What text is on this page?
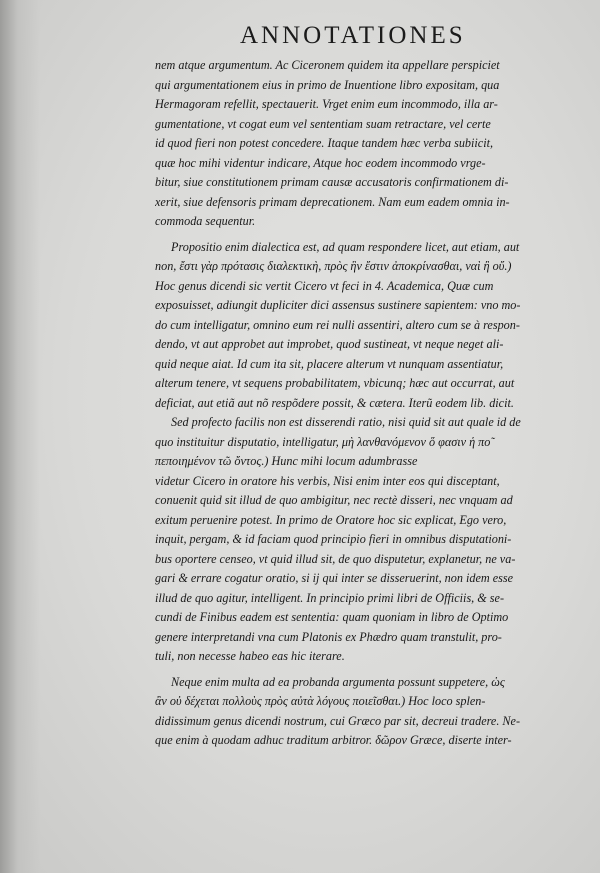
ANNOTATIONES
nem atque argumentum. Ac Ciceronem quidem ita appellare perspiciet
qui argumentationem eius in primo de Inuentione libro expositam, qua
Hermagoram refellit, spectauerit. Vrget enim eum incommodo, illa ar-
gumentatione, vt cogat eum vel sententiam suam retractare, vel certe
id quod fieri non potest concedere. Itaque tandem hæc verba subiicit,
quæ hoc mihi videntur indicare, Atque hoc eodem incommodo vrge-
bitur, siue constitutionem primam causæ accusatoris confirmationem di-
xerit, siue defensoris primam deprecationem. Nam eum eadem omnia in-
commoda sequentur.
Propositio enim dialectica est, ad quam respondere licet, aut etiam, aut
non, ἔστι γὰρ πρότασις διαλεκτικὴ, πρὸς ἣν ἔστιν ἀποκρίνασθαι, ναὶ ἢ οὔ.)
Hoc genus dicendi sic vertit Cicero vt feci in 4. Academica, Quæ cum
exposuisset, adiungit dupliciter dici assensus sustinere sapientem: vno mo-
do cum intelligatur, omnino eum rei nulli assentiri, altero cum se à respon-
dendo, vt aut approbet aut improbet, quod sustineat, vt neque neget ali-
quid neque aiat. Id cum ita sit, placere alterum vt nunquam assentiatur,
alterum tenere, vt sequens probabilitatem, vbicunq; hæc aut occurrat, aut
deficiat, aut etiã aut nõ respõdere possit, & cætera. Iterũ eodem lib. dicit.
Sed profecto facilis non est disserendi ratio, nisi quid sit aut quale id de
quo instituitur disputatio, intelligatur, μὴ λανθανόμενον ὅ φασιν ἡ πο̃
πεποιημένον τῶ ὄντος.) Hunc mihi locum adumbrasse
videtur Cicero in oratore his verbis, Nisi enim inter eos qui disceptant,
conuenit quid sit illud de quo ambigitur, nec rectè disseri, nec vnquam ad
exitum peruenire potest. In primo de Oratore hoc sic explicat, Ego vero,
inquit, pergam, & id faciam quod principio fieri in omnibus disputationi-
bus oportere censeo, vt quid illud sit, de quo disputetur, explanetur, ne va-
gari & errare cogatur oratio, si ij qui inter se disseruerint, non idem esse
illud de quo agitur, intelligent. In principio primi libri de Officiis, & se-
cundi de Finibus eadem est sententia: quam quoniam in libro de Optimo
genere interpretandi vna cum Platonis ex Phædro quam transtulit, pro-
tuli, non necesse habeo eas hic iterare.
Neque enim multa ad ea probanda argumenta possunt suppetere, ὡς
ἂν οὐ δέχεται πολλοὺς πρὸς αὐτὰ λόγους ποιεῖσθαι.) Hoc loco splen-
didissimum genus dicendi nostrum, cui Græco par sit, decreui tradere. Ne-
que enim à quodam adhuc traditum arbitror. δῶρον Græce, diserte inter-
